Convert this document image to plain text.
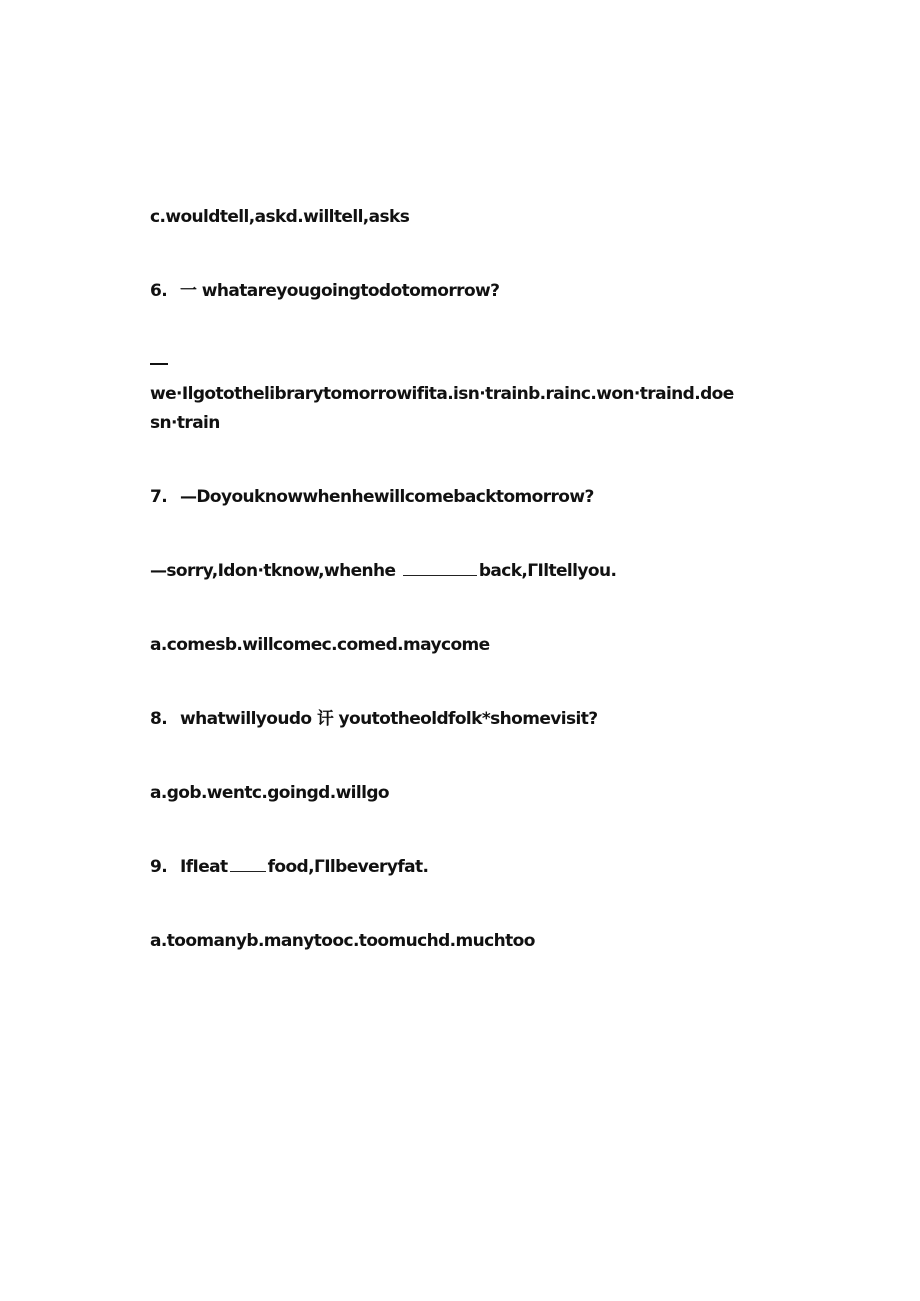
c.wouldtell,askd.willtell,asks
6. 一 whatareyougoingtodotomorrow?
we·Ilgotothelibrarytomorrowifita.isn·trainb.rainc.won·traind.doe
sn·train
7. —Doyouknowwhenhewillcomebacktomorrow?
—sorry,Idon·tknow,whenhe	back,ΓIltellyou.
a.comesb.willcomec.comed.maycome
8. whatwillyoudo 讦 youtotheoldfolk*shomevisit?
a.gob.wentc.goingd.willgo
9. IfIeat food,ΓIlbeveryfat.
a.toomanyb.manytooc.toomuchd.muchtoo
